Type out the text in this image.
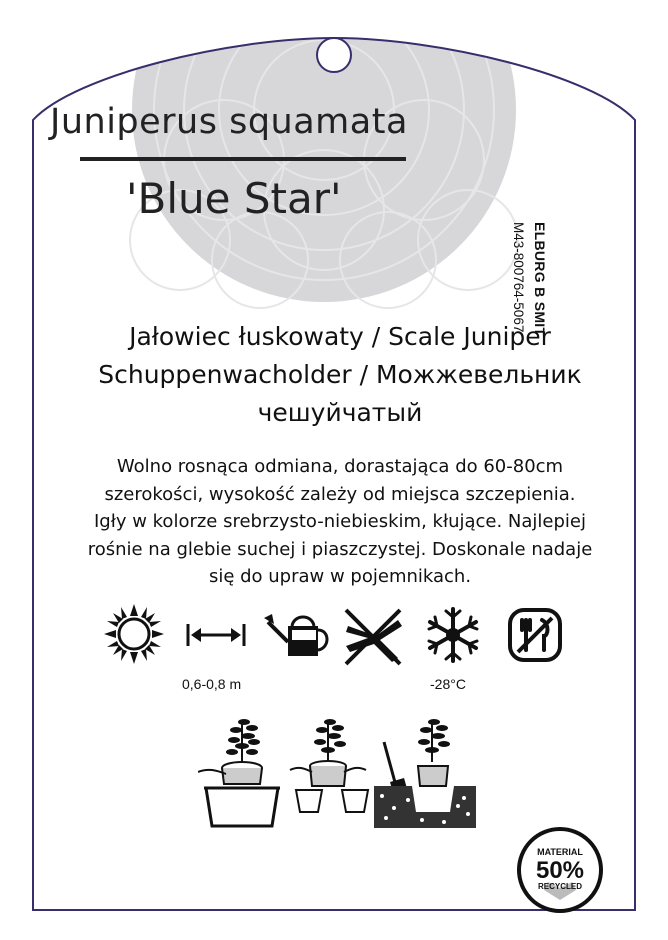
Juniperus squamata
'Blue Star'
ELBURG B SMIT
M43-800764-5067
Jałowiec łuskowaty / Scale Juniper
Schuppenwacholder / Можжевельник
чешуйчатый
Wolno rosnąca odmiana, dorastająca do 60-80cm
szerokości, wysokość zależy od miejsca szczepienia.
Igły w kolorze srebrzysto-niebieskim, kłujące. Najlepiej
rośnie na glebie suchej i piaszczystej. Doskonale nadaje
się do upraw w pojemnikach.
0,6-0,8 m	-28°C
MATERIAL
50%
RECYCLED
